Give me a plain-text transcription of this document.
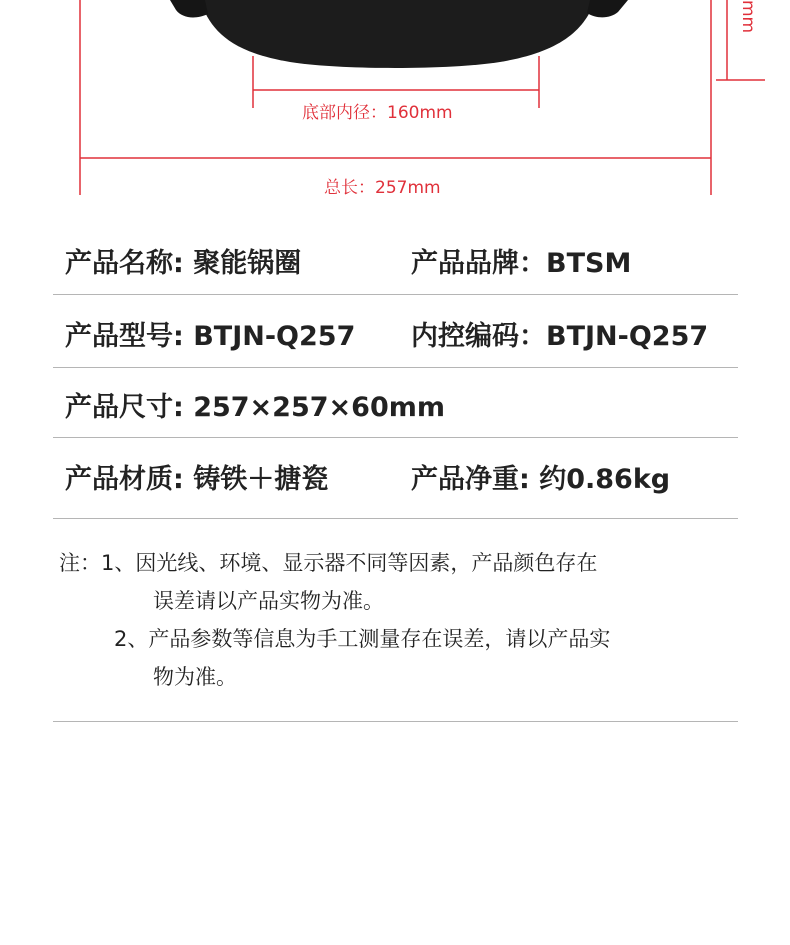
底部内径：160mm
总长：257mm
mm
产品名称: 聚能锅圈	产品品牌：BTSM
产品型号: BTJN-Q257 内控编码：BTJN-Q257
产品尺寸: 257×257×60mm
产品材质: 铸铁＋搪瓷	产品净重: 约0.86kg
注：1、因光线、环境、显示器不同等因素，产品颜色存在
误差请以产品实物为准。
2、产品参数等信息为手工测量存在误差，请以产品实
物为准。
